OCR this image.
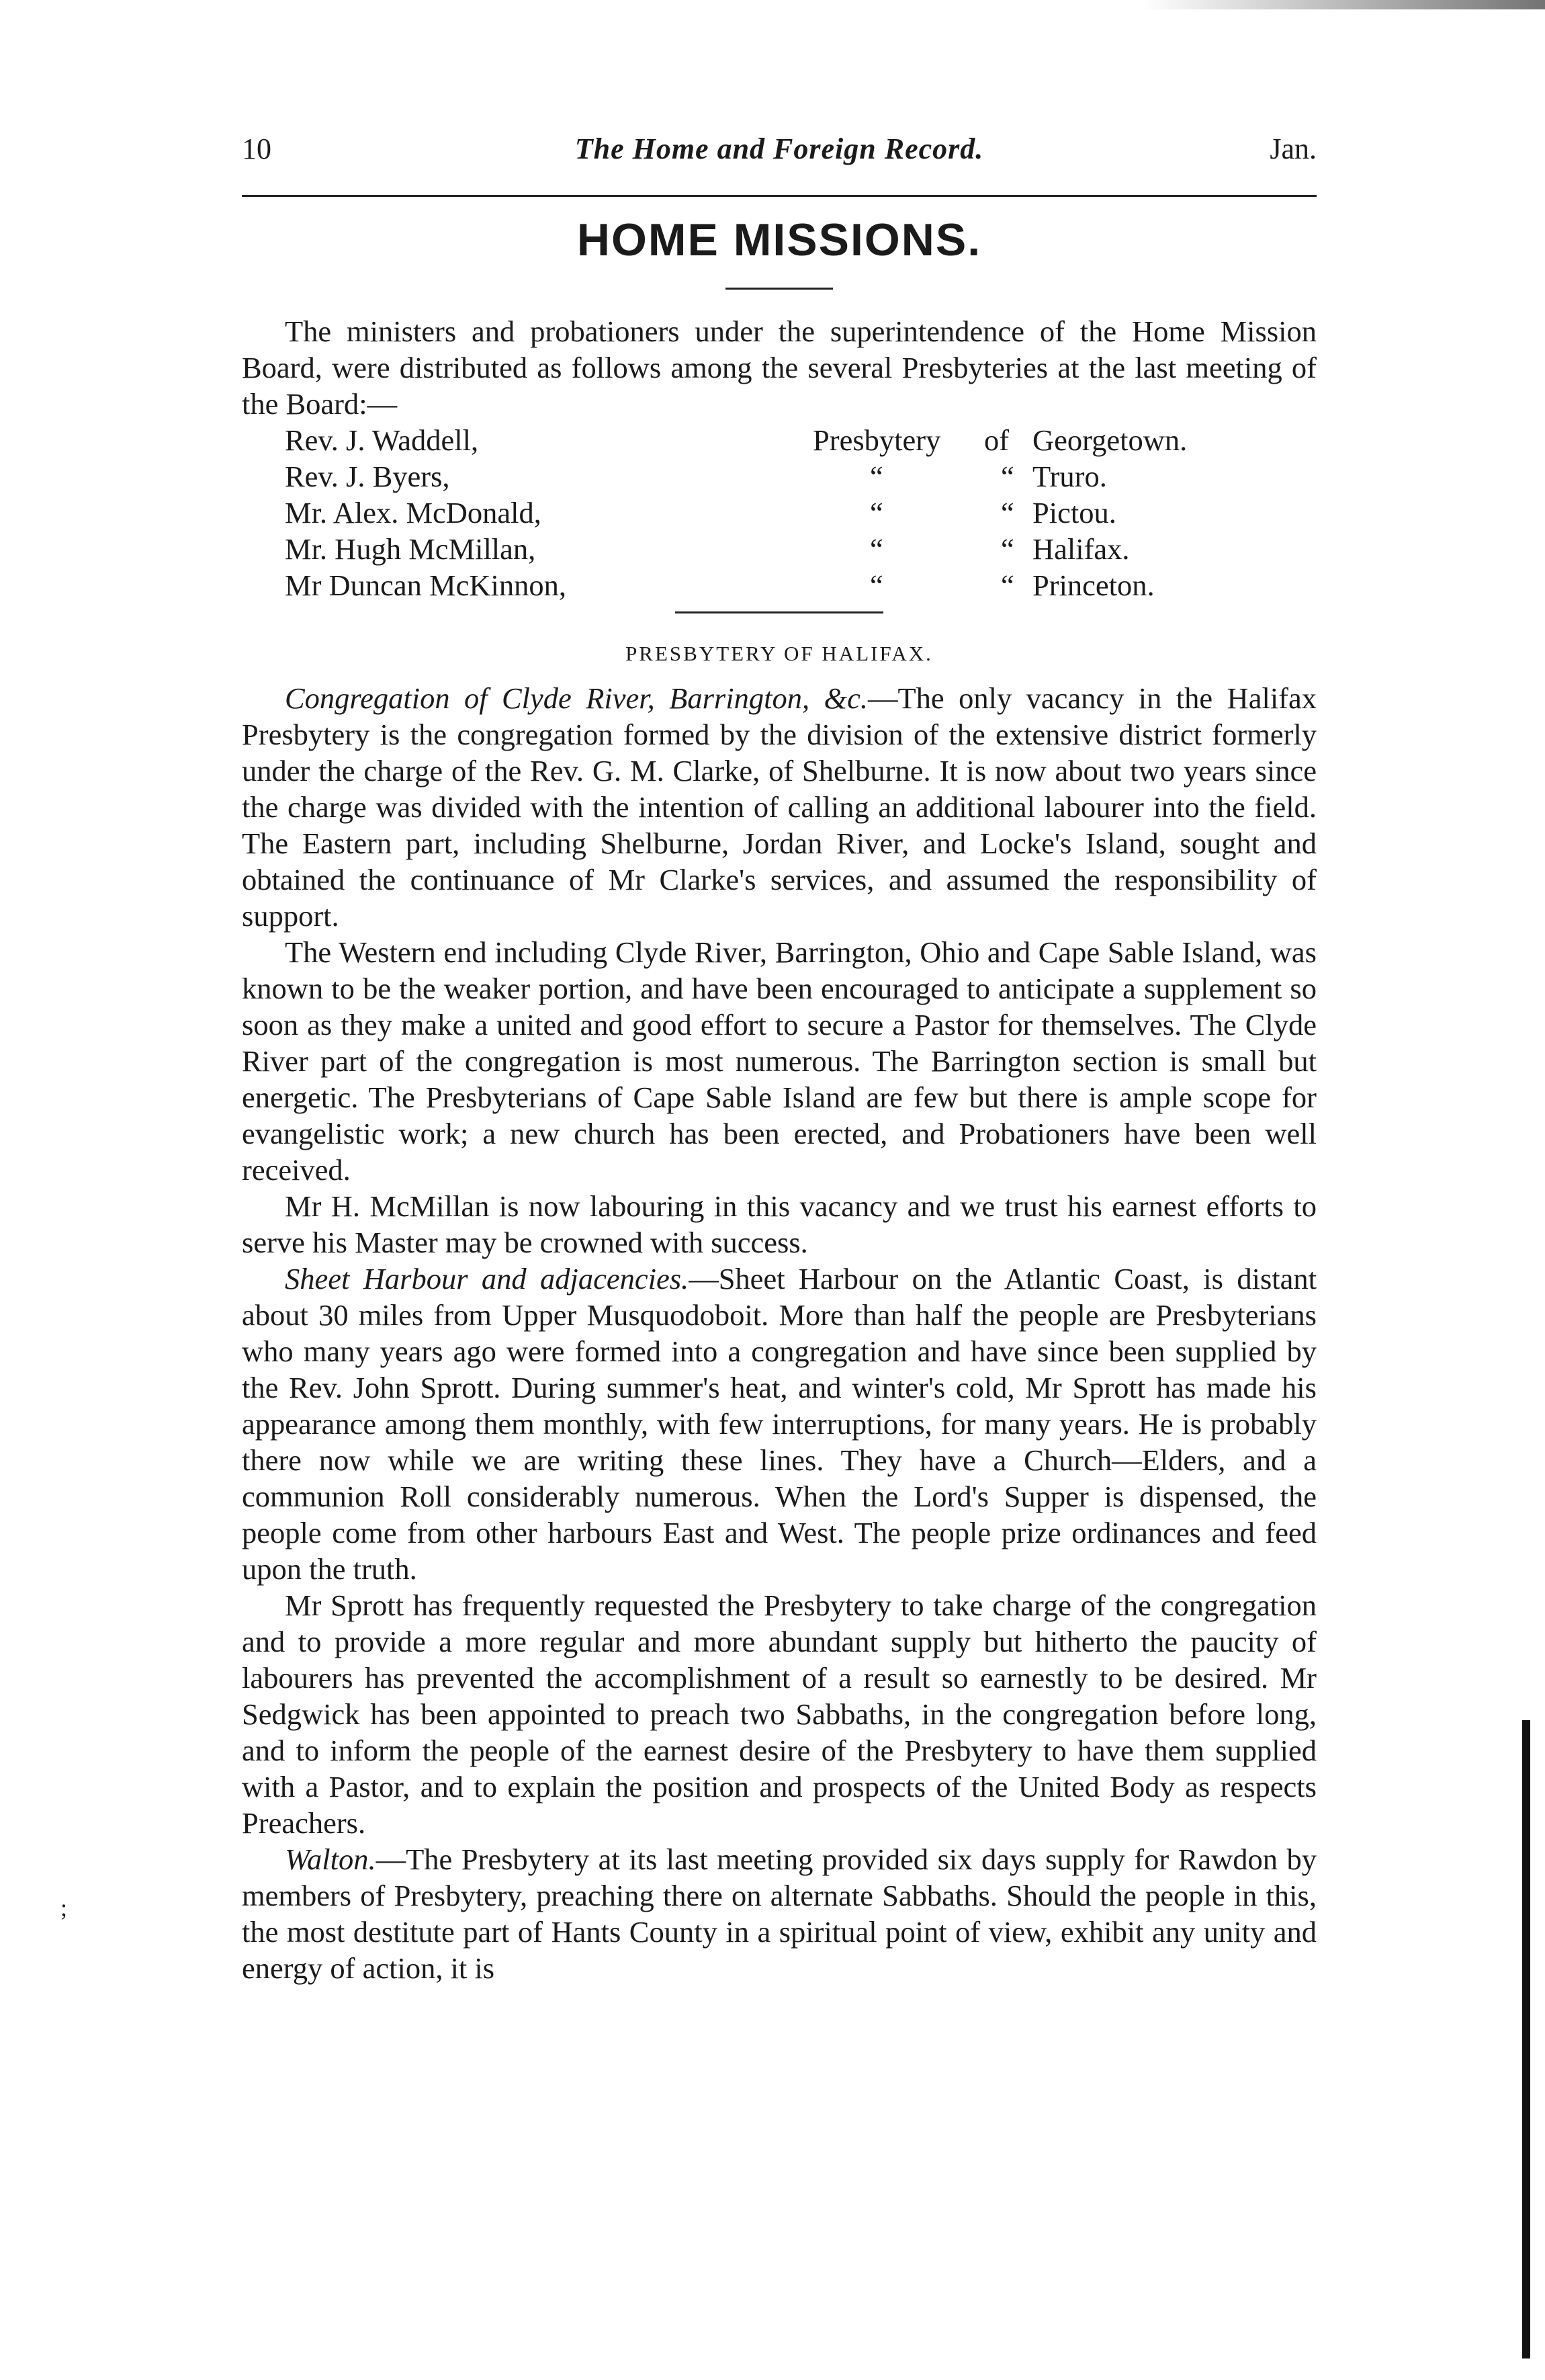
;
10	The Home and Foreign Record.	Jan.
HOME MISSIONS.

The ministers and probationers under the superintendence of the Home Mission Board, were distributed as follows among the several Presbyteries at the last meeting of the Board:—

Rev. J. Waddell,	Presbytery of Georgetown.
Rev. J. Byers,	“	“ Truro.
Mr. Alex. McDonald,	“	“ Pictou.
Mr. Hugh McMillan,	“	“ Halifax.
Mr Duncan McKinnon,	“	“ Princeton.
PRESBYTERY OF HALIFAX.

Congregation of Clyde River, Barrington, &c.—The only vacancy in the Halifax Presbytery is the congregation formed by the division of the extensive district formerly under the charge of the Rev. G. M. Clarke, of Shelburne. It is now about two years since the charge was divided with the intention of calling an additional labourer into the field. The Eastern part, including Shelburne, Jordan River, and Locke's Island, sought and obtained the continuance of Mr Clarke's services, and assumed the responsibility of support.

The Western end including Clyde River, Barrington, Ohio and Cape Sable Island, was known to be the weaker portion, and have been encouraged to anticipate a supplement so soon as they make a united and good effort to secure a Pastor for themselves. The Clyde River part of the congregation is most numerous. The Barrington section is small but energetic. The Presbyterians of Cape Sable Island are few but there is ample scope for evangelistic work; a new church has been erected, and Probationers have been well received.

Mr H. McMillan is now labouring in this vacancy and we trust his earnest efforts to serve his Master may be crowned with success.

Sheet Harbour and adjacencies.—Sheet Harbour on the Atlantic Coast, is distant about 30 miles from Upper Musquodoboit. More than half the people are Presbyterians who many years ago were formed into a congregation and have since been supplied by the Rev. John Sprott. During summer's heat, and winter's cold, Mr Sprott has made his appearance among them monthly, with few interruptions, for many years. He is probably there now while we are writing these lines. They have a Church—Elders, and a communion Roll considerably numerous. When the Lord's Supper is dispensed, the people come from other harbours East and West. The people prize ordinances and feed upon the truth.

Mr Sprott has frequently requested the Presbytery to take charge of the congregation and to provide a more regular and more abundant supply but hitherto the paucity of labourers has prevented the accomplishment of a result so earnestly to be desired. Mr Sedgwick has been appointed to preach two Sabbaths, in the congregation before long, and to inform the people of the earnest desire of the Presbytery to have them supplied with a Pastor, and to explain the position and prospects of the United Body as respects Preachers.

Walton.—The Presbytery at its last meeting provided six days supply for Rawdon by members of Presbytery, preaching there on alternate Sabbaths. Should the people in this, the most destitute part of Hants County in a spiritual point of view, exhibit any unity and energy of action, it is
